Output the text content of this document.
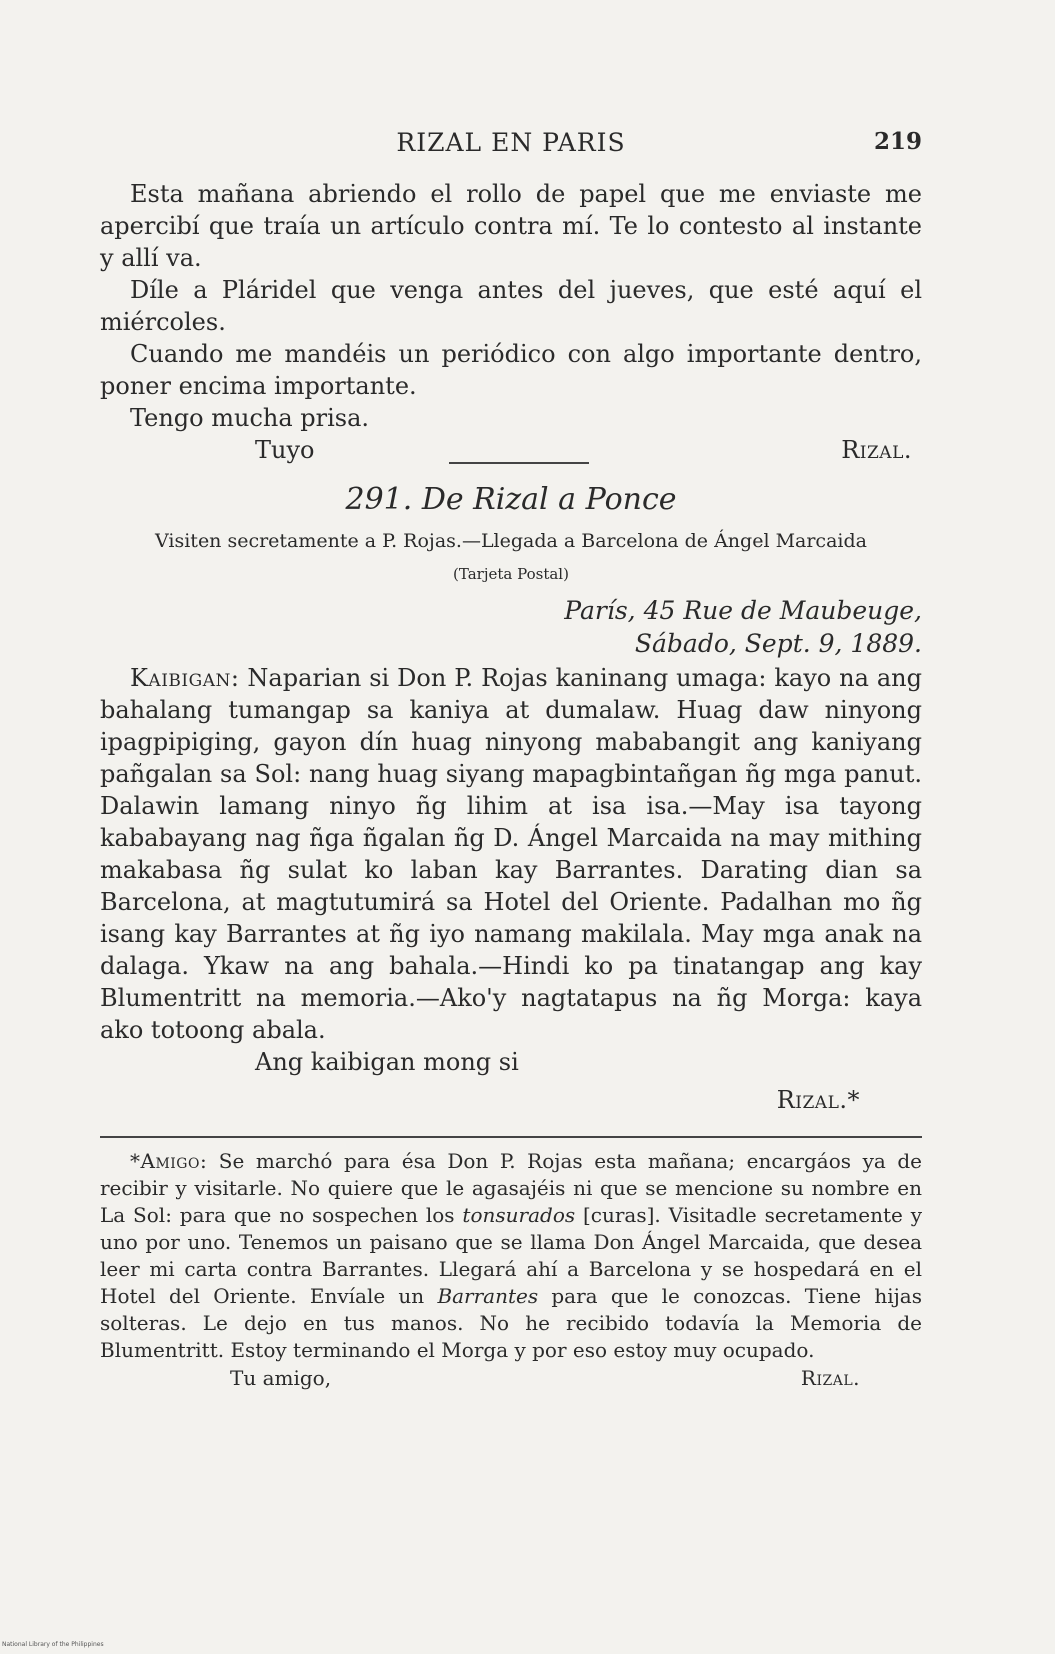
RIZAL EN PARIS	219

Esta mañana abriendo el rollo de papel que me enviaste me apercibí que traía un artículo contra mí. Te lo contesto al instante y allí va.

Díle a Pláridel que venga antes del jueves, que esté aquí el miércoles.

Cuando me mandéis un periódico con algo importante dentro, poner encima importante.

Tengo mucha prisa.

Tuyo	Rizal.
291. De Rizal a Ponce
Visiten secretamente a P. Rojas.—Llegada a Barcelona de Ángel Marcaida
(Tarjeta Postal)
París, 45 Rue de Maubeuge,
Sábado, Sept. 9, 1889.

Kaibigan: Naparian si Don P. Rojas kaninang umaga: kayo na ang bahalang tumangap sa kaniya at dumalaw. Huag daw ninyong ipagpipiging, gayon dín huag ninyong mababangit ang kaniyang pañgalan sa Sol: nang huag siyang mapagbintañgan ñg mga panut. Dalawin lamang ninyo ñg lihim at isa isa.—May isa tayong kababayang nag ñga ñgalan ñg D. Ángel Marcaida na may mithing makabasa ñg sulat ko laban kay Barrantes. Darating dian sa Barcelona, at magtutumirá sa Hotel del Oriente. Padalhan mo ñg isang kay Barrantes at ñg iyo namang makilala. May mga anak na dalaga. Ykaw na ang bahala.—Hindi ko pa tinatangap ang kay Blumentritt na memoria.—Ako'y nagtatapus na ñg Morga: kaya ako totoong abala.

Ang kaibigan mong si
Rizal.*

*Amigo: Se marchó para ésa Don P. Rojas esta mañana; encargáos ya de recibir y visitarle. No quiere que le agasajéis ni que se mencione su nombre en La Sol: para que no sospechen los tonsurados [curas]. Visitadle secretamente y uno por uno. Tenemos un paisano que se llama Don Ángel Marcaida, que desea leer mi carta contra Barrantes. Llegará ahí a Barcelona y se hospedará en el Hotel del Oriente. Envíale un Barrantes para que le conozcas. Tiene hijas solteras. Le dejo en tus manos. No he recibido todavía la Memoria de Blumentritt. Estoy terminando el Morga y por eso estoy muy ocupado.

Tu amigo,	Rizal.
National Library of the Philippines
